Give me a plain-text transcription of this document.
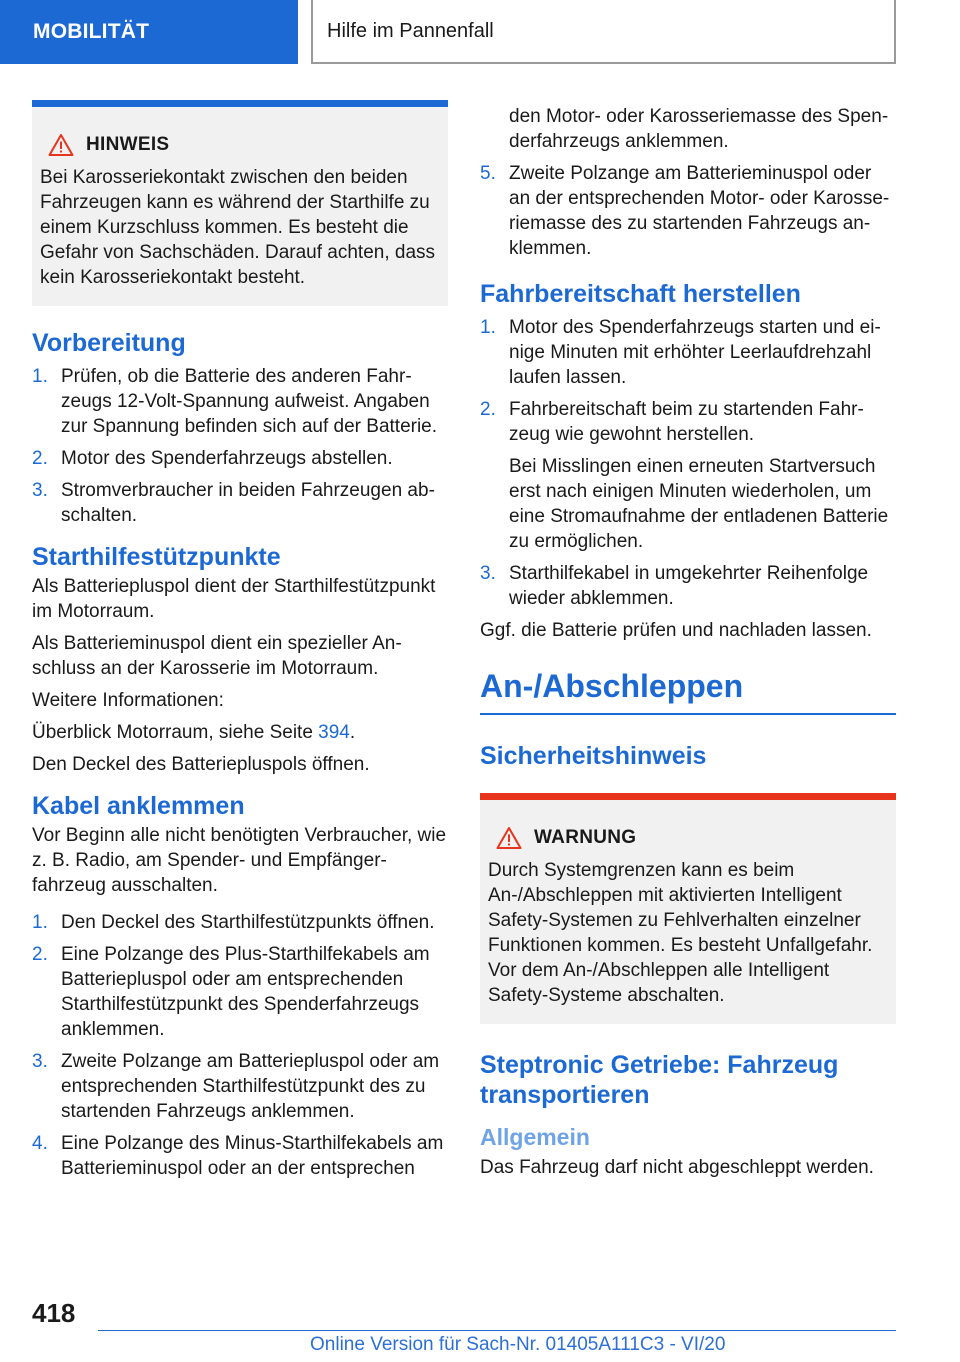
MOBILITÄT	Hilfe im Pannenfall
HINWEIS
Bei Karosseriekontakt zwischen den beiden Fahrzeugen kann es während der Starthilfe zu einem Kurzschluss kommen. Es besteht die Gefahr von Sachschäden. Darauf achten, dass kein Karosseriekontakt besteht.
Vorbereitung
1. Prüfen, ob die Batterie des anderen Fahrzeugs 12-Volt-Spannung aufweist. Angaben zur Spannung befinden sich auf der Batterie.
2. Motor des Spenderfahrzeugs abstellen.
3. Stromverbraucher in beiden Fahrzeugen abschalten.
Starthilfestützpunkte

Als Batteriepluspol dient der Starthilfestützpunkt im Motorraum.

Als Batterieminuspol dient ein spezieller Anschluss an der Karosserie im Motorraum.

Weitere Informationen:

Überblick Motorraum, siehe Seite 394.

Den Deckel des Batteriepluspols öffnen.

Kabel anklemmen

Vor Beginn alle nicht benötigten Verbraucher, wie z. B. Radio, am Spender- und Empfängerfahrzeug ausschalten.

1. Den Deckel des Starthilfestützpunkts öffnen.
2. Eine Polzange des Plus-Starthilfekabels am Batteriepluspol oder am entsprechenden Starthilfestützpunkt des Spenderfahrzeugs anklemmen.
3. Zweite Polzange am Batteriepluspol oder am entsprechenden Starthilfestützpunkt des zu startenden Fahrzeugs anklemmen.
4. Eine Polzange des Minus-Starthilfekabels am Batterieminuspol oder an der entsprechen
den Motor- oder Karosseriemasse des Spenderfahrzeugs anklemmen.
5. Zweite Polzange am Batterieminuspol oder an der entsprechenden Motor- oder Karosseriemasse des zu startenden Fahrzeugs anklemmen.
Fahrbereitschaft herstellen
1. Motor des Spenderfahrzeugs starten und einige Minuten mit erhöhter Leerlaufdrehzahl laufen lassen.
2. Fahrbereitschaft beim zu startenden Fahrzeug wie gewohnt herstellen.
Bei Misslingen einen erneuten Startversuch erst nach einigen Minuten wiederholen, um eine Stromaufnahme der entladenen Batterie zu ermöglichen.
3. Starthilfekabel in umgekehrter Reihenfolge wieder abklemmen.

Ggf. die Batterie prüfen und nachladen lassen.

An-/Abschleppen
Sicherheitshinweis
WARNUNG
Durch Systemgrenzen kann es beim An-/Abschleppen mit aktivierten Intelligent Safety-Systemen zu Fehlverhalten einzelner Funktionen kommen. Es besteht Unfallgefahr. Vor dem An-/Abschleppen alle Intelligent Safety-Systeme abschalten.
Steptronic Getriebe: Fahrzeug transportieren
Allgemein

Das Fahrzeug darf nicht abgeschleppt werden.

418
Online Version für Sach-Nr. 01405A111C3 - VI/20
